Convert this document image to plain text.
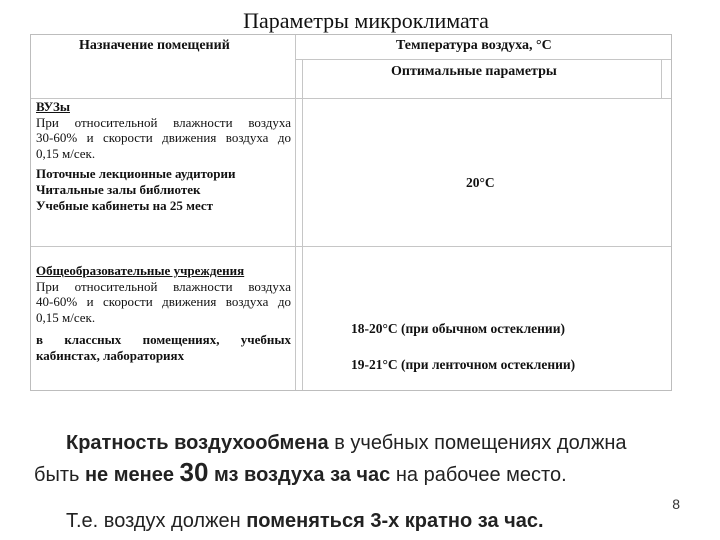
Параметры микроклимата
Назначение помещений	Температура воздуха, °С
Оптимальные параметры
ВУЗы
При относительной влажности воздуха
30-60% и скорости движения воздуха до
0,15 м/сек.
Поточные лекционные аудитории
Читальные залы библиотек
Учебные кабинеты на 25 мест
20°С
Общеобразовательные учреждения
При относительной влажности воздуха
40-60% и скорости движения воздуха до
0,15 м/сек.
в классных помещениях, учебных
кабинстах, лабораториях
18-20°С (при обычном остеклении)
19-21°С (при ленточном остеклении)
Кратность воздухообмена в учебных помещениях должна
быть не менее 30 мз воздуха за час на рабочее место.
Т.е. воздух должен поменяться 3-х кратно за час.
8
